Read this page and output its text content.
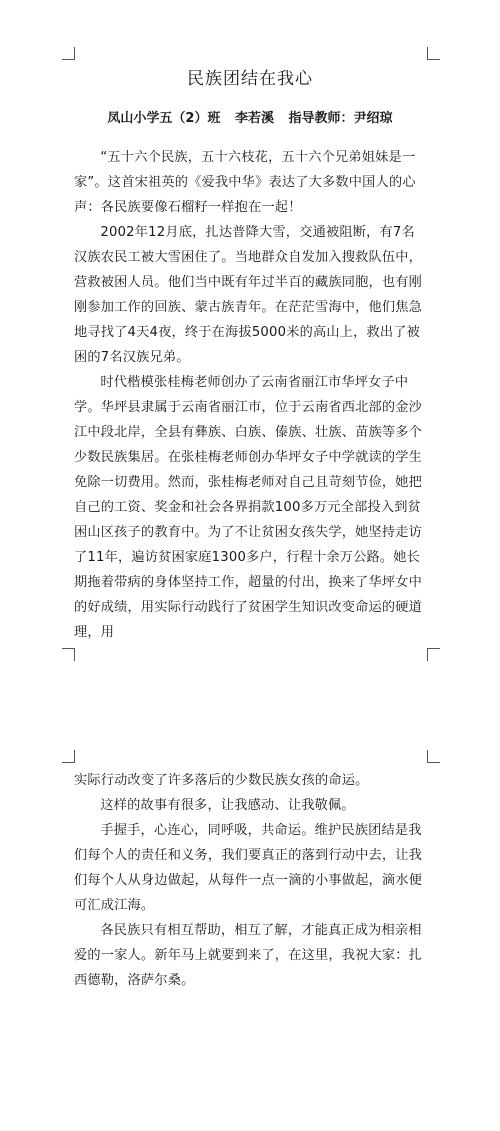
民族团结在我心
凤山小学五（2）班 李若溪 指导教师：尹绍琼

“五十六个民族，五十六枝花，五十六个兄弟姐妹是一家”。这首宋祖英的《爱我中华》表达了大多数中国人的心声：各民族要像石榴籽一样抱在一起！

2002年12月底，扎达普降大雪，交通被阻断，有7名汉族农民工被大雪困住了。当地群众自发加入搜救队伍中，营救被困人员。他们当中既有年过半百的藏族同胞，也有刚刚参加工作的回族、蒙古族青年。在茫茫雪海中，他们焦急地寻找了4天4夜，终于在海拔5000米的高山上，救出了被困的7名汉族兄弟。

时代楷模张桂梅老师创办了云南省丽江市华坪女子中学。华坪县隶属于云南省丽江市，位于云南省西北部的金沙江中段北岸，全县有彝族、白族、傣族、壮族、苗族等多个少数民族集居。在张桂梅老师创办华坪女子中学就读的学生免除一切费用。然而，张桂梅老师对自己且苛刻节俭，她把自己的工资、奖金和社会各界捐款100多万元全部投入到贫困山区孩子的教育中。为了不让贫困女孩失学，她坚持走访了11年，遍访贫困家庭1300多户，行程十余万公路。她长期拖着带病的身体坚持工作，超量的付出，换来了华坪女中的好成绩，用实际行动践行了贫困学生知识改变命运的硬道理，用

实际行动改变了许多落后的少数民族女孩的命运。

这样的故事有很多，让我感动、让我敬佩。

手握手，心连心，同呼吸，共命运。维护民族团结是我们每个人的责任和义务，我们要真正的落到行动中去，让我们每个人从身边做起，从每件一点一滴的小事做起，滴水便可汇成江海。

各民族只有相互帮助，相互了解，才能真正成为相亲相爱的一家人。新年马上就要到来了，在这里，我祝大家：扎西德勒，洛萨尔桑。
